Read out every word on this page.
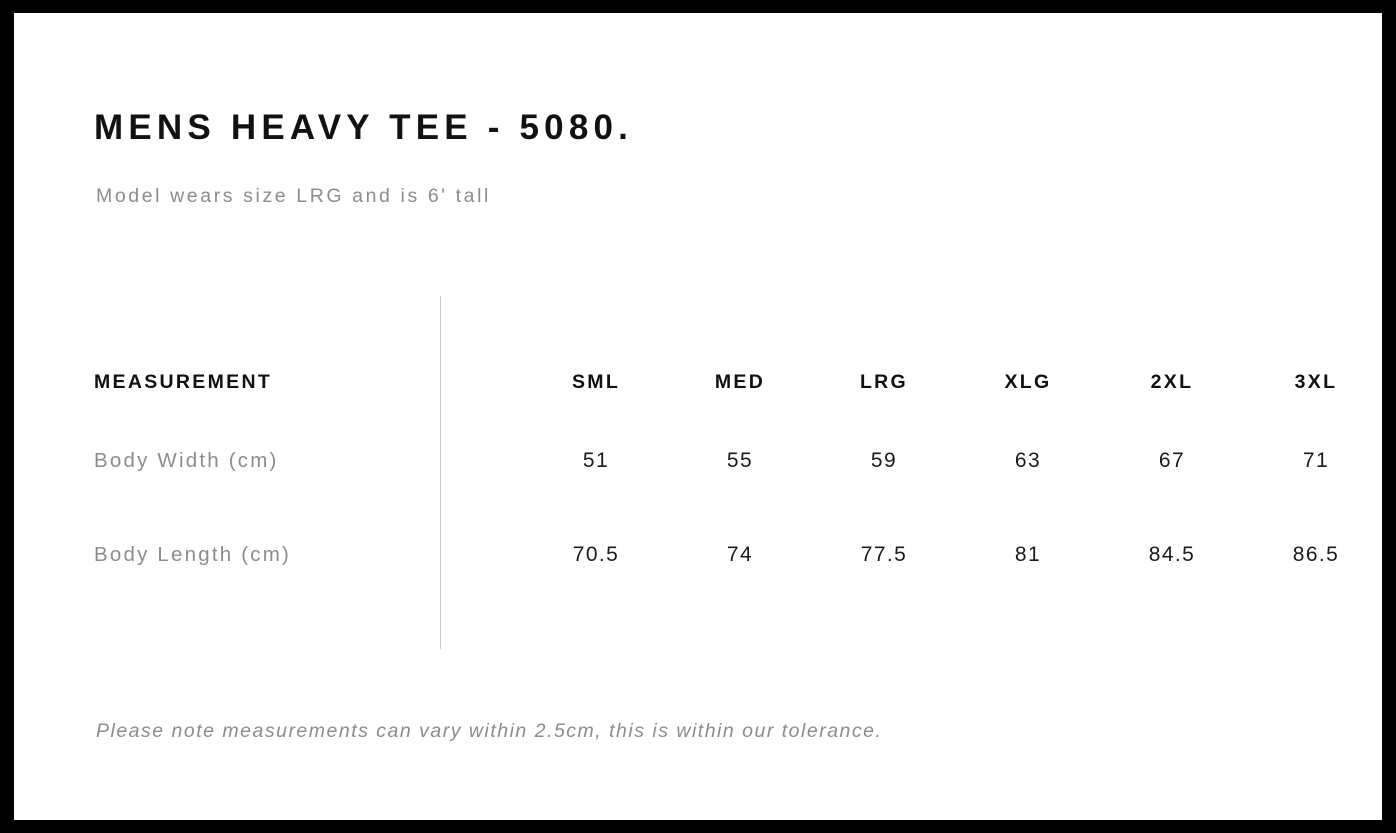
MENS HEAVY TEE - 5080.
Model wears size LRG and is 6' tall
MEASUREMENT	SML	MED	LRG	XLG	2XL	3XL
Body Width (cm)	51	55	59	63	67	71
Body Length (cm)	70.5	74	77.5	81	84.5	86.5
Please note measurements can vary within 2.5cm, this is within our tolerance.
